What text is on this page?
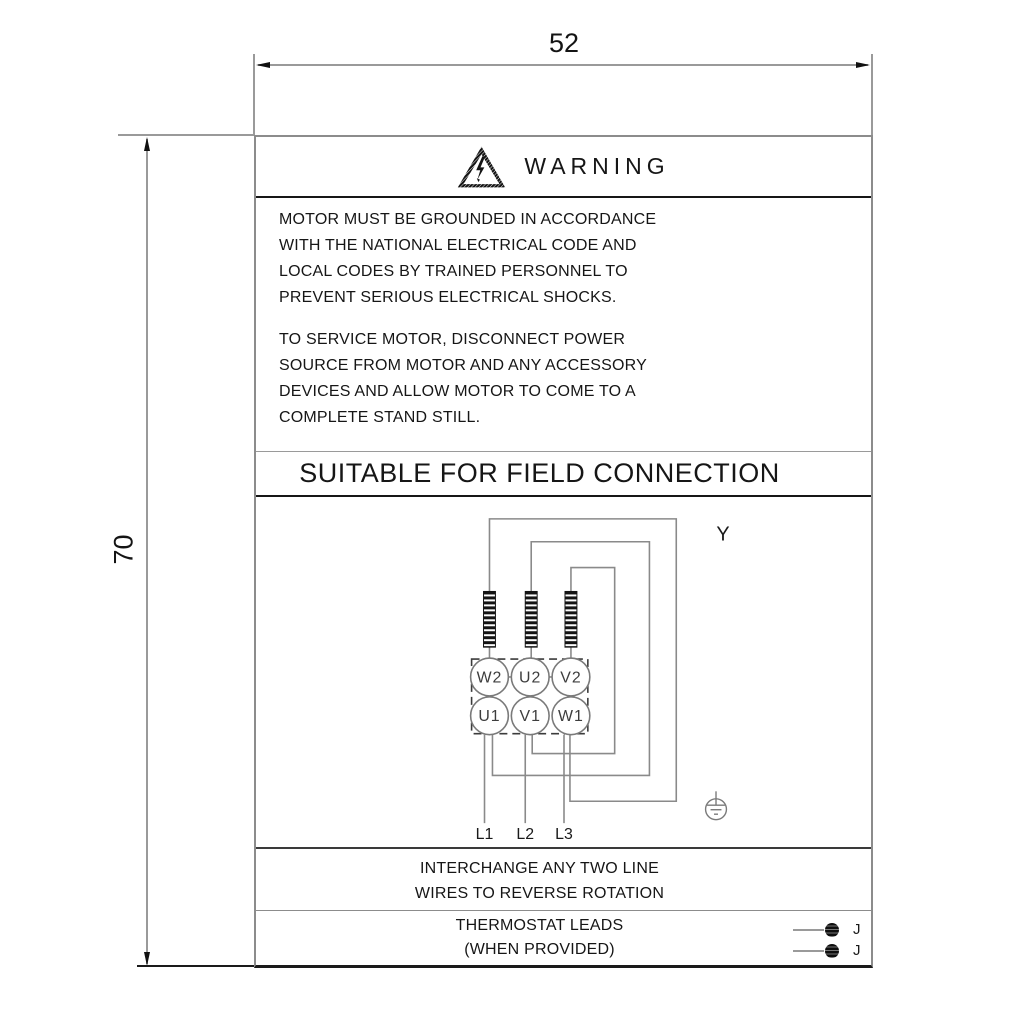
52
70
WARNING
MOTOR MUST BE GROUNDED IN ACCORDANCE
WITH THE NATIONAL ELECTRICAL CODE AND
LOCAL CODES BY TRAINED PERSONNEL TO
PREVENT SERIOUS ELECTRICAL SHOCKS.
TO SERVICE MOTOR, DISCONNECT POWER
SOURCE FROM MOTOR AND ANY ACCESSORY
DEVICES AND ALLOW MOTOR TO COME TO A
COMPLETE STAND STILL.
SUITABLE FOR FIELD CONNECTION
W2 U2 V2
U1 V1 W1
L1 L2 L3
Y
INTERCHANGE ANY TWO LINE
WIRES TO REVERSE ROTATION
THERMOSTAT LEADS
(WHEN PROVIDED)
J
J
